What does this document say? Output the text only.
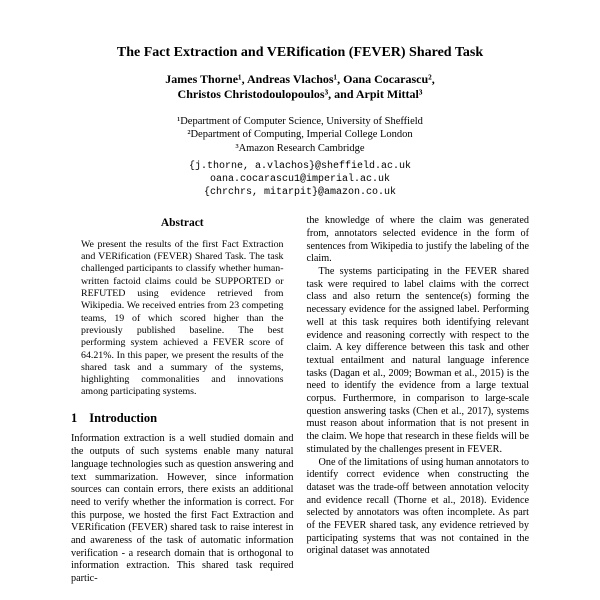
The Fact Extraction and VERification (FEVER) Shared Task
James Thorne¹, Andreas Vlachos¹, Oana Cocarascu²,
Christos Christodoulopoulos³, and Arpit Mittal³
¹Department of Computer Science, University of Sheffield
²Department of Computing, Imperial College London
³Amazon Research Cambridge
{j.thorne, a.vlachos}@sheffield.ac.uk
oana.cocarascu1@imperial.ac.uk
{chrchrs, mitarpit}@amazon.co.uk
Abstract

We present the results of the first Fact Extraction and VERification (FEVER) Shared Task. The task challenged participants to classify whether human-written factoid claims could be SUPPORTED or REFUTED using evidence retrieved from Wikipedia. We received entries from 23 competing teams, 19 of which scored higher than the previously published baseline. The best performing system achieved a FEVER score of 64.21%. In this paper, we present the results of the shared task and a summary of the systems, highlighting commonalities and innovations among participating systems.

1 Introduction

Information extraction is a well studied domain and the outputs of such systems enable many natural language technologies such as question answering and text summarization. However, since information sources can contain errors, there exists an additional need to verify whether the information is correct. For this purpose, we hosted the first Fact Extraction and VERification (FEVER) shared task to raise interest in and awareness of the task of automatic information verification - a research domain that is orthogonal to information extraction. This shared task required partic-

the knowledge of where the claim was generated from, annotators selected evidence in the form of sentences from Wikipedia to justify the labeling of the claim.

The systems participating in the FEVER shared task were required to label claims with the correct class and also return the sentence(s) forming the necessary evidence for the assigned label. Performing well at this task requires both identifying relevant evidence and reasoning correctly with respect to the claim. A key difference between this task and other textual entailment and natural language inference tasks (Dagan et al., 2009; Bowman et al., 2015) is the need to identify the evidence from a large textual corpus. Furthermore, in comparison to large-scale question answering tasks (Chen et al., 2017), systems must reason about information that is not present in the claim. We hope that research in these fields will be stimulated by the challenges present in FEVER.

One of the limitations of using human annotators to identify correct evidence when constructing the dataset was the trade-off between annotation velocity and evidence recall (Thorne et al., 2018). Evidence selected by annotators was often incomplete. As part of the FEVER shared task, any evidence retrieved by participating systems that was not contained in the original dataset was annotated
